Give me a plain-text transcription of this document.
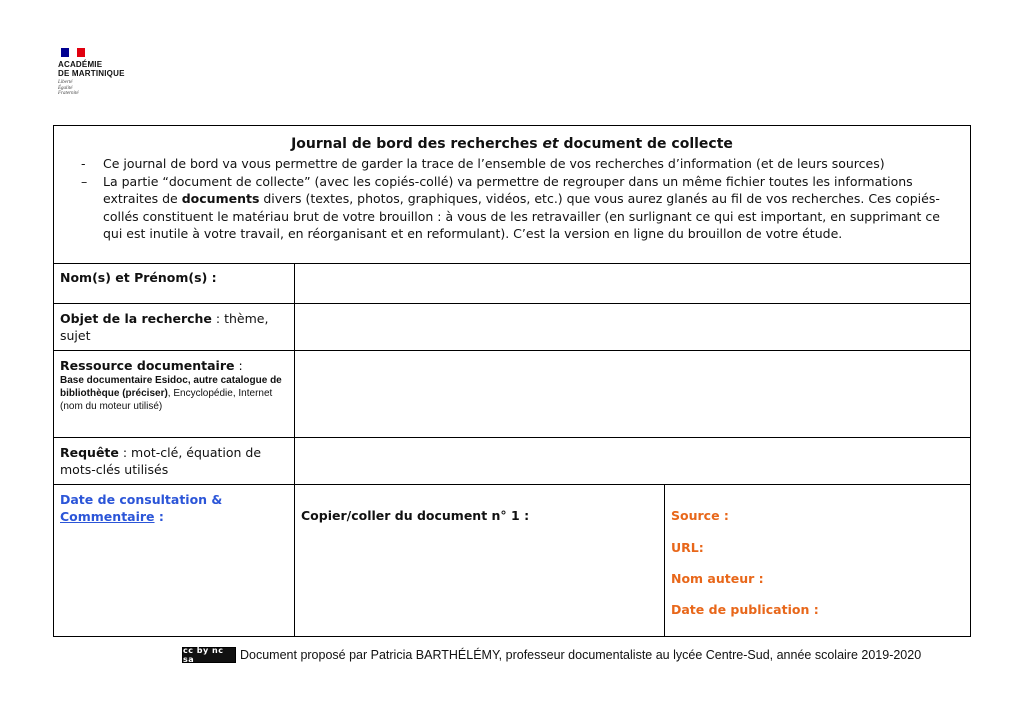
ACADÉMIE
DE MARTINIQUE
Liberté
Égalité
Fraternité
Journal de bord des recherches et document de collecte
- Ce journal de bord va vous permettre de garder la trace de l’ensemble de vos recherches d’information (et de leurs sources)
– La partie “document de collecte” (avec les copiés-collé) va permettre de regrouper dans un même fichier toutes les informations extraites de documents divers (textes, photos, graphiques, vidéos, etc.) que vous aurez glanés au fil de vos recherches. Ces copiés-collés constituent le matériau brut de votre brouillon : à vous de les retravailler (en surlignant ce qui est important, en supprimant ce qui est inutile à votre travail, en réorganisant et en reformulant). C’est la version en ligne du brouillon de votre étude.
Nom(s) et Prénom(s) :
Objet de la recherche : thème, sujet
Ressource documentaire :
Base documentaire Esidoc, autre catalogue de bibliothèque (préciser), Encyclopédie, Internet (nom du moteur utilisé)
Requête : mot-clé, équation de mots-clés utilisés
Date de consultation &
Commentaire :	Copier/coller du document n° 1 :	Source :
URL:
Nom auteur :
Date de publication :
cc by nc sa	Document proposé par Patricia BARTHÉLÉMY, professeur documentaliste au lycée Centre-Sud, année scolaire 2019-2020
